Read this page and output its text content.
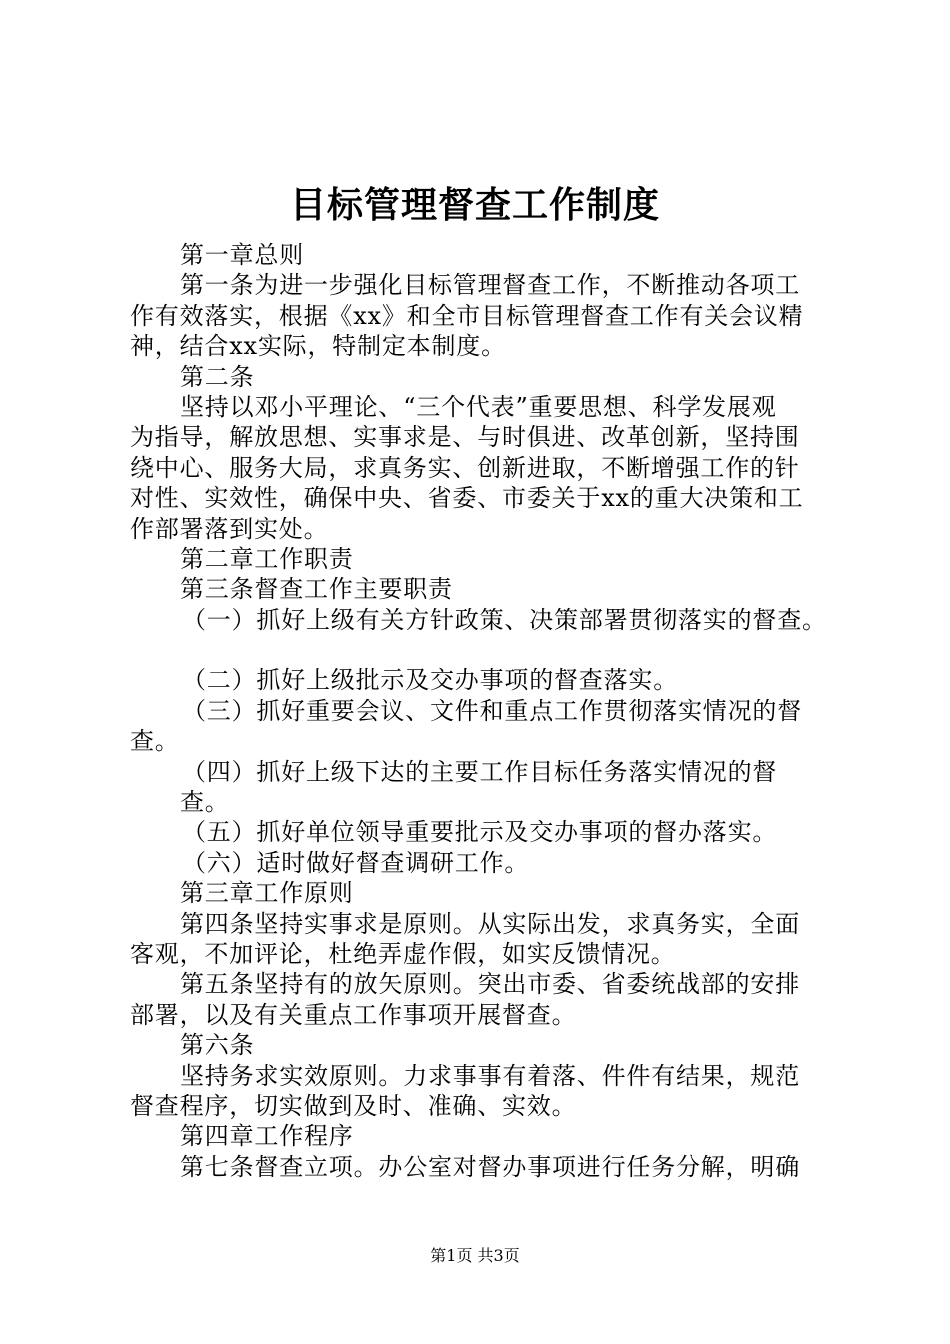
目标管理督查工作制度

第一章总则

第一条为进一步强化目标管理督查工作，不断推动各项工

作有效落实，根据《xx》和全市目标管理督查工作有关会议精

神，结合xx实际，特制定本制度。

第二条

坚持以邓小平理论、“三个代表”重要思想、科学发展观

为指导，解放思想、实事求是、与时俱进、改革创新，坚持围

绕中心、服务大局，求真务实、创新进取，不断增强工作的针

对性、实效性，确保中央、省委、市委关于xx的重大决策和工

作部署落到实处。

第二章工作职责

第三条督查工作主要职责

（一）抓好上级有关方针政策、决策部署贯彻落实的督查。

（二）抓好上级批示及交办事项的督查落实。

（三）抓好重要会议、文件和重点工作贯彻落实情况的督

查。

（四）抓好上级下达的主要工作目标任务落实情况的督

查。

（五）抓好单位领导重要批示及交办事项的督办落实。

（六）适时做好督查调研工作。

第三章工作原则

第四条坚持实事求是原则。从实际出发，求真务实，全面

客观，不加评论，杜绝弄虚作假，如实反馈情况。

第五条坚持有的放矢原则。突出市委、省委统战部的安排

部署，以及有关重点工作事项开展督查。

第六条

坚持务求实效原则。力求事事有着落、件件有结果，规范

督查程序，切实做到及时、准确、实效。

第四章工作程序

第七条督查立项。办公室对督办事项进行任务分解，明确

第1页 共3页
